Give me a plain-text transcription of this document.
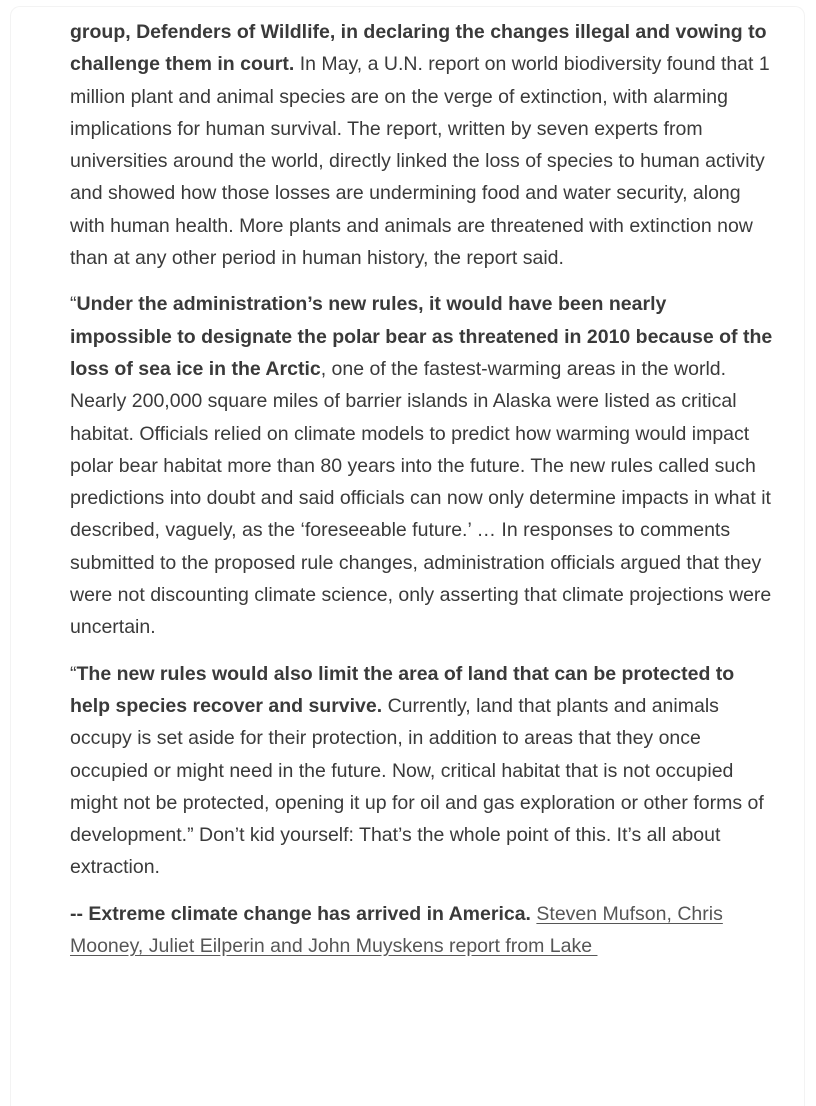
group, Defenders of Wildlife, in declaring the changes illegal and vowing to challenge them in court. In May, a U.N. report on world biodiversity found that 1 million plant and animal species are on the verge of extinction, with alarming implications for human survival. The report, written by seven experts from universities around the world, directly linked the loss of species to human activity and showed how those losses are undermining food and water security, along with human health. More plants and animals are threatened with extinction now than at any other period in human history, the report said.

“Under the administration’s new rules, it would have been nearly impossible to designate the polar bear as threatened in 2010 because of the loss of sea ice in the Arctic, one of the fastest-warming areas in the world. Nearly 200,000 square miles of barrier islands in Alaska were listed as critical habitat. Officials relied on climate models to predict how warming would impact polar bear habitat more than 80 years into the future. The new rules called such predictions into doubt and said officials can now only determine impacts in what it described, vaguely, as the ‘foreseeable future.’ … In responses to comments submitted to the proposed rule changes, administration officials argued that they were not discounting climate science, only asserting that climate projections were uncertain.

“The new rules would also limit the area of land that can be protected to help species recover and survive. Currently, land that plants and animals occupy is set aside for their protection, in addition to areas that they once occupied or might need in the future. Now, critical habitat that is not occupied might not be protected, opening it up for oil and gas exploration or other forms of development.” Don’t kid yourself: That’s the whole point of this. It’s all about extraction.

-- Extreme climate change has arrived in America. Steven Mufson, Chris Mooney, Juliet Eilperin and John Muyskens report from Lake
